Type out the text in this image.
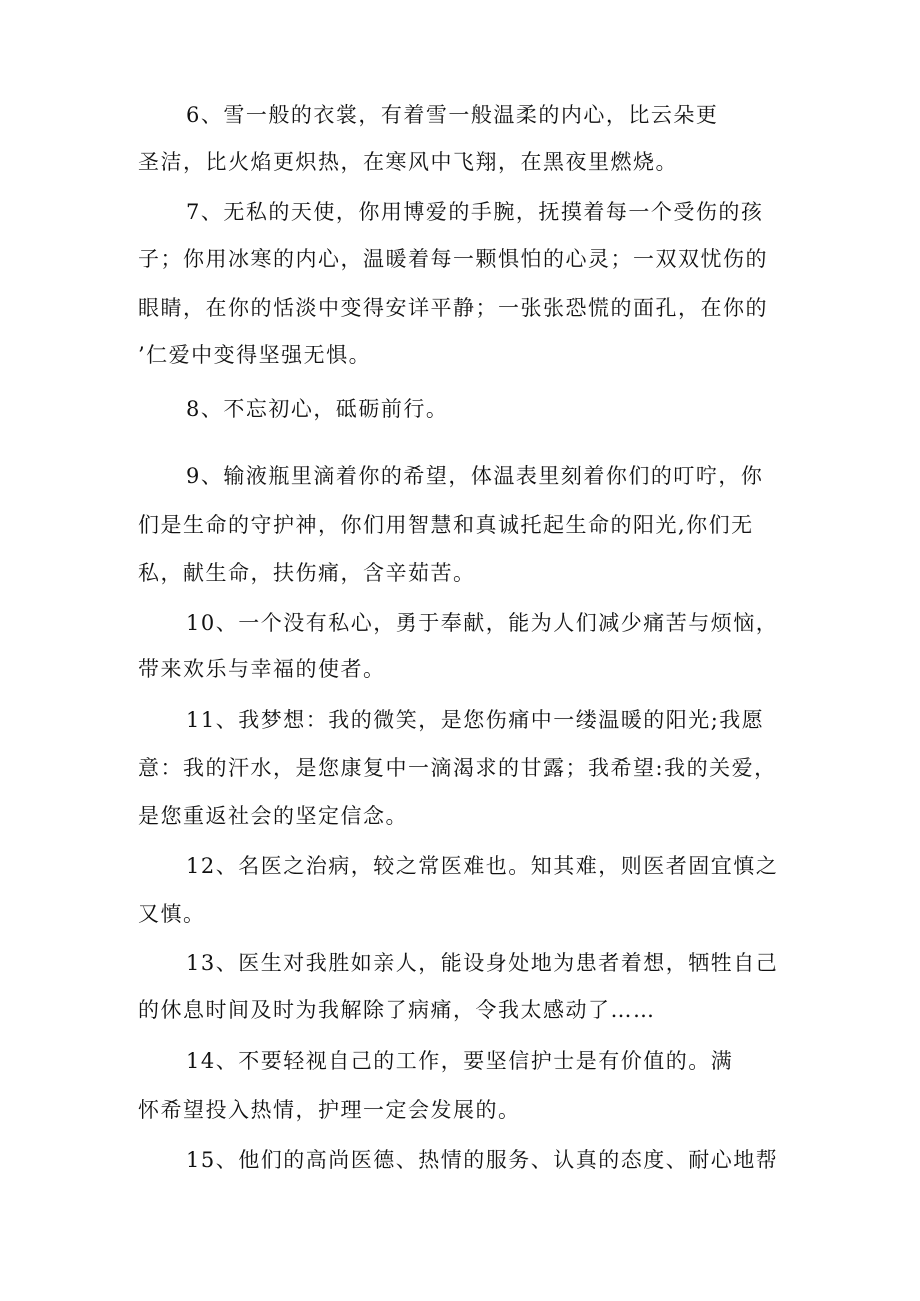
6、雪一般的衣裳，有着雪一般温柔的内心，比云朵更
圣洁，比火焰更炽热，在寒风中飞翔，在黑夜里燃烧。
7、无私的天使，你用博爱的手腕，抚摸着每一个受伤的孩
子；你用冰寒的内心，温暖着每一颗惧怕的心灵；一双双忧伤的
眼睛，在你的恬淡中变得安详平静；一张张恐慌的面孔，在你的
’仁爱中变得坚强无惧。
8、不忘初心，砥砺前行。
9、输液瓶里滴着你的希望，体温表里刻着你们的叮咛，你
们是生命的守护神，你们用智慧和真诚托起生命的阳光,你们无
私，献生命，扶伤痛，含辛茹苦。
10、一个没有私心，勇于奉献，能为人们减少痛苦与烦恼，
带来欢乐与幸福的使者。
11、我梦想：我的微笑，是您伤痛中一缕温暖的阳光;我愿
意：我的汗水，是您康复中一滴渴求的甘露；我希望:我的关爱，
是您重返社会的坚定信念。
12、名医之治病，较之常医难也。知其难，则医者固宜慎之
又慎。
13、医生对我胜如亲人，能设身处地为患者着想，牺牲自己
的休息时间及时为我解除了病痛，令我太感动了……
14、不要轻视自己的工作，要坚信护士是有价值的。满
怀希望投入热情，护理一定会发展的。
15、他们的高尚医德、热情的服务、认真的态度、耐心地帮
